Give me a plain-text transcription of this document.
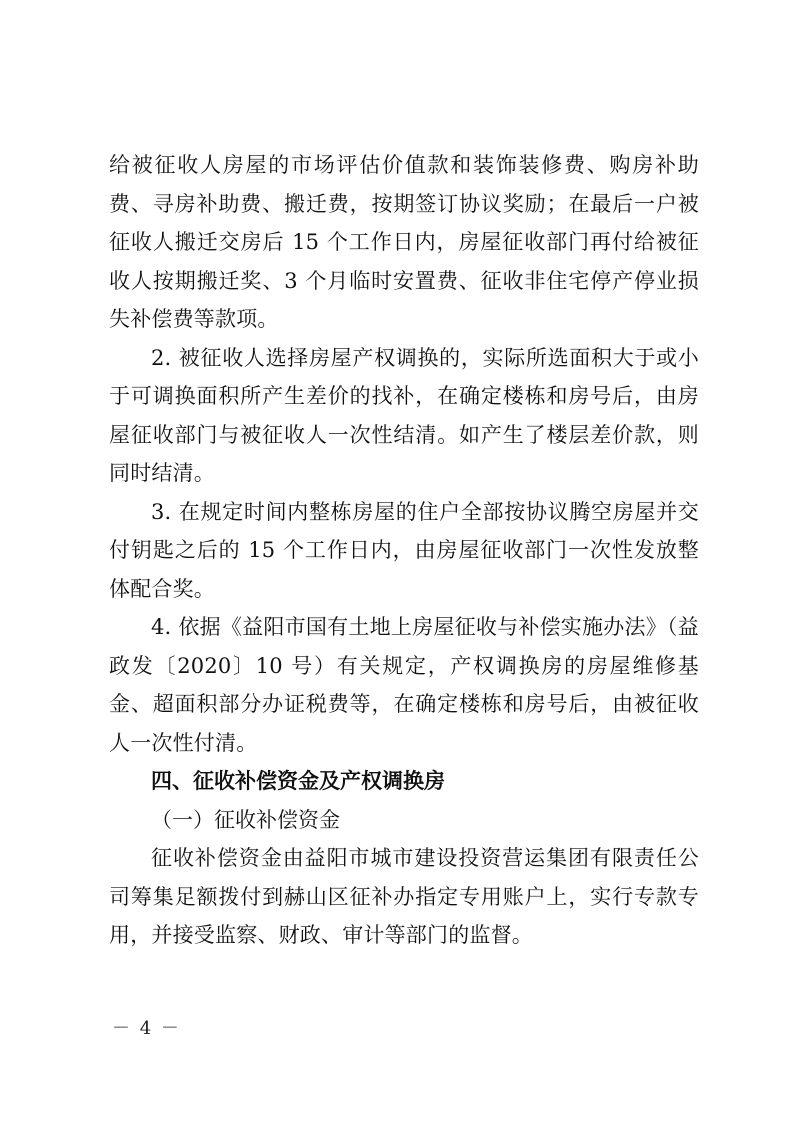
给被征收人房屋的市场评估价值款和装饰装修费、购房补助费、寻房补助费、搬迁费，按期签订协议奖励；在最后一户被征收人搬迁交房后 15 个工作日内，房屋征收部门再付给被征收人按期搬迁奖、3 个月临时安置费、征收非住宅停产停业损失补偿费等款项。

2. 被征收人选择房屋产权调换的，实际所选面积大于或小于可调换面积所产生差价的找补，在确定楼栋和房号后，由房屋征收部门与被征收人一次性结清。如产生了楼层差价款，则同时结清。

3. 在规定时间内整栋房屋的住户全部按协议腾空房屋并交付钥匙之后的 15 个工作日内，由房屋征收部门一次性发放整体配合奖。

4. 依据《益阳市国有土地上房屋征收与补偿实施办法》（益政发〔2020〕10 号）有关规定，产权调换房的房屋维修基金、超面积部分办证税费等，在确定楼栋和房号后，由被征收人一次性付清。

四、征收补偿资金及产权调换房

（一）征收补偿资金

征收补偿资金由益阳市城市建设投资营运集团有限责任公司筹集足额拨付到赫山区征补办指定专用账户上，实行专款专用，并接受监察、财政、审计等部门的监督。

－ 4 －
